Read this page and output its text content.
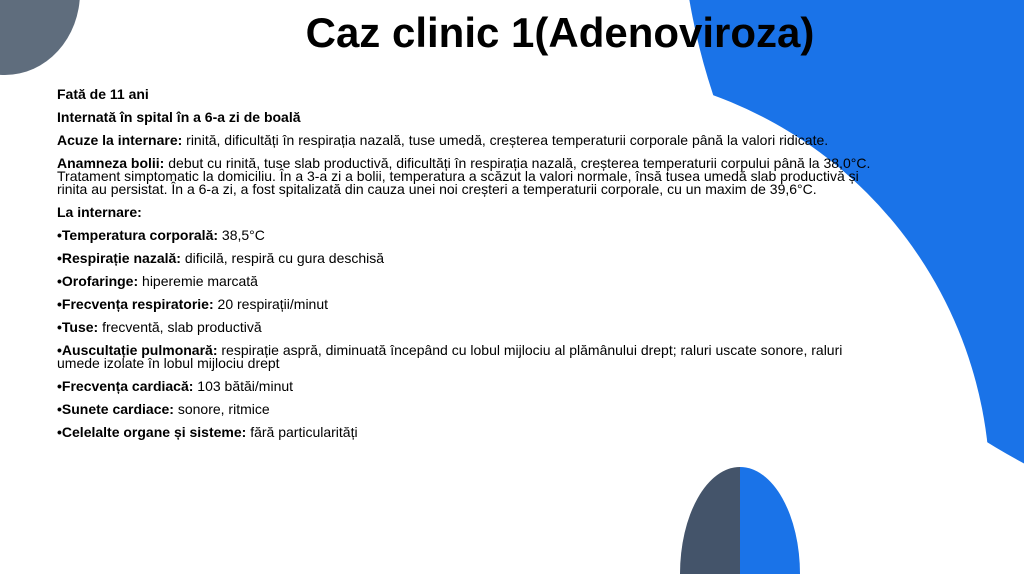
Caz clinic 1(Adenoviroza)

Fată de 11 ani

Internată în spital în a 6-a zi de boală

Acuze la internare: rinită, dificultăți în respirația nazală, tuse umedă, creșterea temperaturii corporale până la valori ridicate.

Anamneza bolii: debut cu rinită, tuse slab productivă, dificultăți în respirația nazală, creșterea temperaturii corpului până la 38,0°C. Tratament simptomatic la domiciliu. În a 3-a zi a bolii, temperatura a scăzut la valori normale, însă tusea umedă slab productivă și rinita au persistat. În a 6-a zi, a fost spitalizată din cauza unei noi creșteri a temperaturii corporale, cu un maxim de 39,6°C.

La internare:

•Temperatura corporală: 38,5°C

•Respirație nazală: dificilă, respiră cu gura deschisă

•Orofaringe: hiperemie marcată

•Frecvența respiratorie: 20 respirații/minut

•Tuse: frecventă, slab productivă

•Auscultație pulmonară: respirație aspră, diminuată începând cu lobul mijlociu al plămânului drept; raluri uscate sonore, raluri umede izolate în lobul mijlociu drept

•Frecvența cardiacă: 103 bătăi/minut

•Sunete cardiace: sonore, ritmice

•Celelalte organe și sisteme: fără particularități
